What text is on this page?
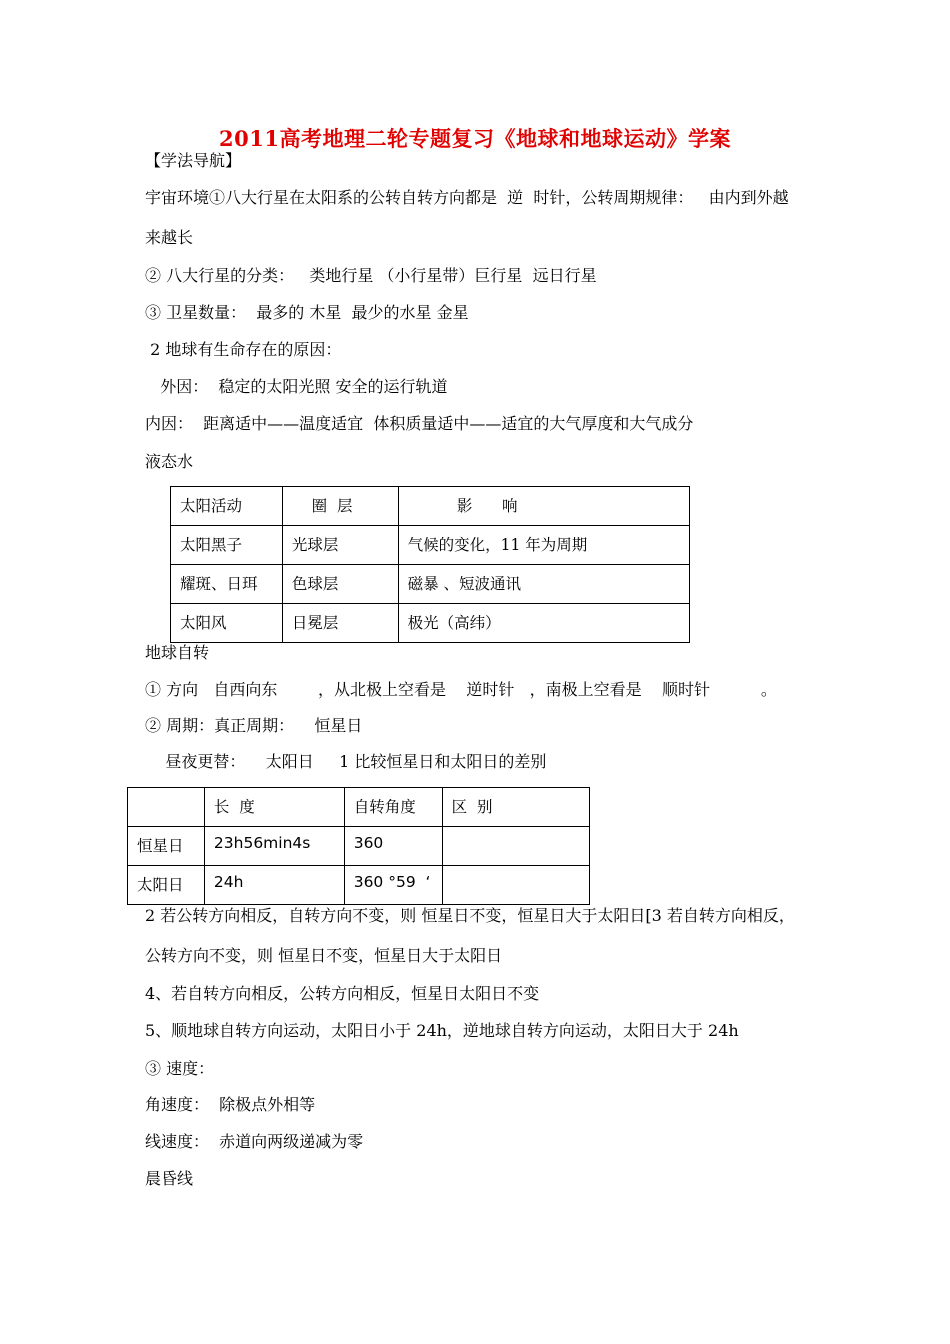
2011高考地理二轮专题复习《地球和地球运动》学案
【学法导航】
宇宙环境①八大行星在太阳系的公转自转方向都是  逆  时针，公转周期规律：   由内到外越
来越长
② 八大行星的分类：   类地行星 （小行星带）巨行星  远日行星
③ 卫星数量：  最多的 木星  最少的水星 金星
2 地球有生命存在的原因：
外因：  稳定的太阳光照 安全的运行轨道
内因：  距离适中——温度适宜  体积质量适中——适宜的大气厚度和大气成分
液态水
太阳活动	圈  层	影      响
太阳黑子	光球层	气候的变化，11 年为周期
耀斑、日珥	色球层	磁暴 、短波通讯
太阳风	日冕层	极光（高纬）
地球自转
① 方向   自西向东        ，从北极上空看是    逆时针   ，南极上空看是    顺时针          。
② 周期：真正周期：    恒星日
昼夜更替：    太阳日     1 比较恒星日和太阳日的差别
	长  度	自转角度	区  别
恒星日	23h56min4s	360	
太阳日	24h	360 °59  ‘	
2 若公转方向相反，自转方向不变，则 恒星日不变，恒星日大于太阳日[3 若自转方向相反，
公转方向不变，则 恒星日不变，恒星日大于太阳日
4、若自转方向相反，公转方向相反，恒星日太阳日不变
5、顺地球自转方向运动，太阳日小于 24h，逆地球自转方向运动，太阳日大于 24h
③ 速度：
角速度：  除极点外相等
线速度：  赤道向两级递减为零
晨昏线
